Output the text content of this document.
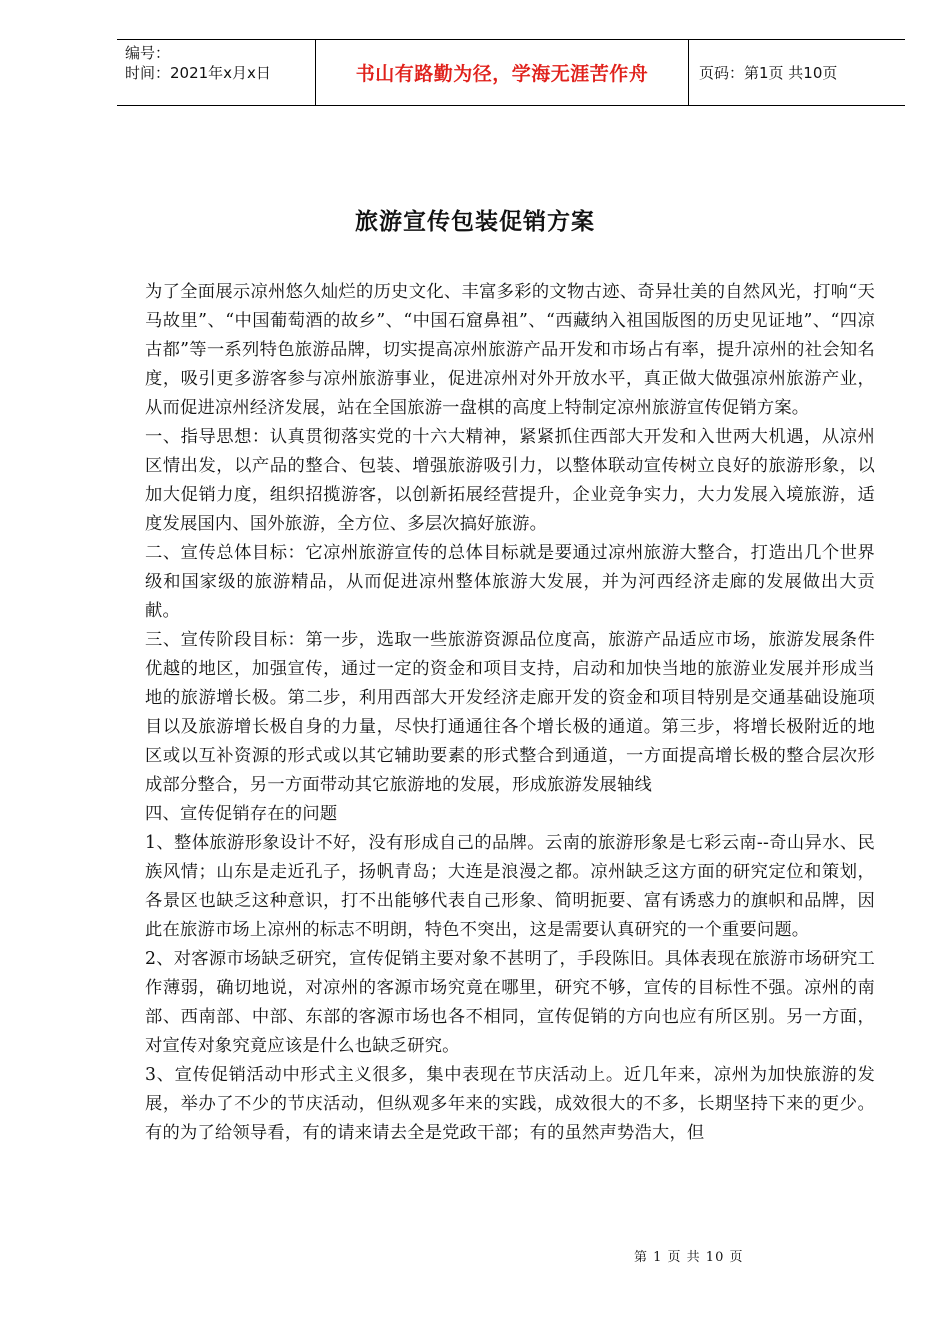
编号：
时间：2021年x月x日	书山有路勤为径，学海无涯苦作舟	页码：第1页 共10页
旅游宣传包装促销方案

为了全面展示凉州悠久灿烂的历史文化、丰富多彩的文物古迹、奇异壮美的自然风光，打响“天马故里”、“中国葡萄酒的故乡”、“中国石窟鼻祖”、“西藏纳入祖国版图的历史见证地”、“四凉古都”等一系列特色旅游品牌，切实提高凉州旅游产品开发和市场占有率，提升凉州的社会知名度，吸引更多游客参与凉州旅游事业，促进凉州对外开放水平，真正做大做强凉州旅游产业，从而促进凉州经济发展，站在全国旅游一盘棋的高度上特制定凉州旅游宣传促销方案。

一、指导思想：认真贯彻落实党的十六大精神，紧紧抓住西部大开发和入世两大机遇，从凉州区情出发，以产品的整合、包装、增强旅游吸引力，以整体联动宣传树立良好的旅游形象，以加大促销力度，组织招揽游客，以创新拓展经营提升，企业竞争实力，大力发展入境旅游，适度发展国内、国外旅游，全方位、多层次搞好旅游。

二、宣传总体目标：它凉州旅游宣传的总体目标就是要通过凉州旅游大整合，打造出几个世界级和国家级的旅游精品，从而促进凉州整体旅游大发展，并为河西经济走廊的发展做出大贡献。

三、宣传阶段目标：第一步，选取一些旅游资源品位度高，旅游产品适应市场，旅游发展条件优越的地区，加强宣传，通过一定的资金和项目支持，启动和加快当地的旅游业发展并形成当地的旅游增长极。第二步，利用西部大开发经济走廊开发的资金和项目特别是交通基础设施项目以及旅游增长极自身的力量，尽快打通通往各个增长极的通道。第三步，将增长极附近的地区或以互补资源的形式或以其它辅助要素的形式整合到通道，一方面提高增长极的整合层次形成部分整合，另一方面带动其它旅游地的发展，形成旅游发展轴线

四、宣传促销存在的问题

1、整体旅游形象设计不好，没有形成自己的品牌。云南的旅游形象是七彩云南--奇山异水、民族风情；山东是走近孔子，扬帆青岛；大连是浪漫之都。凉州缺乏这方面的研究定位和策划，各景区也缺乏这种意识，打不出能够代表自己形象、简明扼要、富有诱惑力的旗帜和品牌，因此在旅游市场上凉州的标志不明朗，特色不突出，这是需要认真研究的一个重要问题。

2、对客源市场缺乏研究，宣传促销主要对象不甚明了，手段陈旧。具体表现在旅游市场研究工作薄弱，确切地说，对凉州的客源市场究竟在哪里，研究不够，宣传的目标性不强。凉州的南部、西南部、中部、东部的客源市场也各不相同，宣传促销的方向也应有所区别。另一方面，对宣传对象究竟应该是什么也缺乏研究。

3、宣传促销活动中形式主义很多，集中表现在节庆活动上。近几年来，凉州为加快旅游的发展，举办了不少的节庆活动，但纵观多年来的实践，成效很大的不多，长期坚持下来的更少。有的为了给领导看，有的请来请去全是党政干部；有的虽然声势浩大，但

第 1 页 共 10 页
